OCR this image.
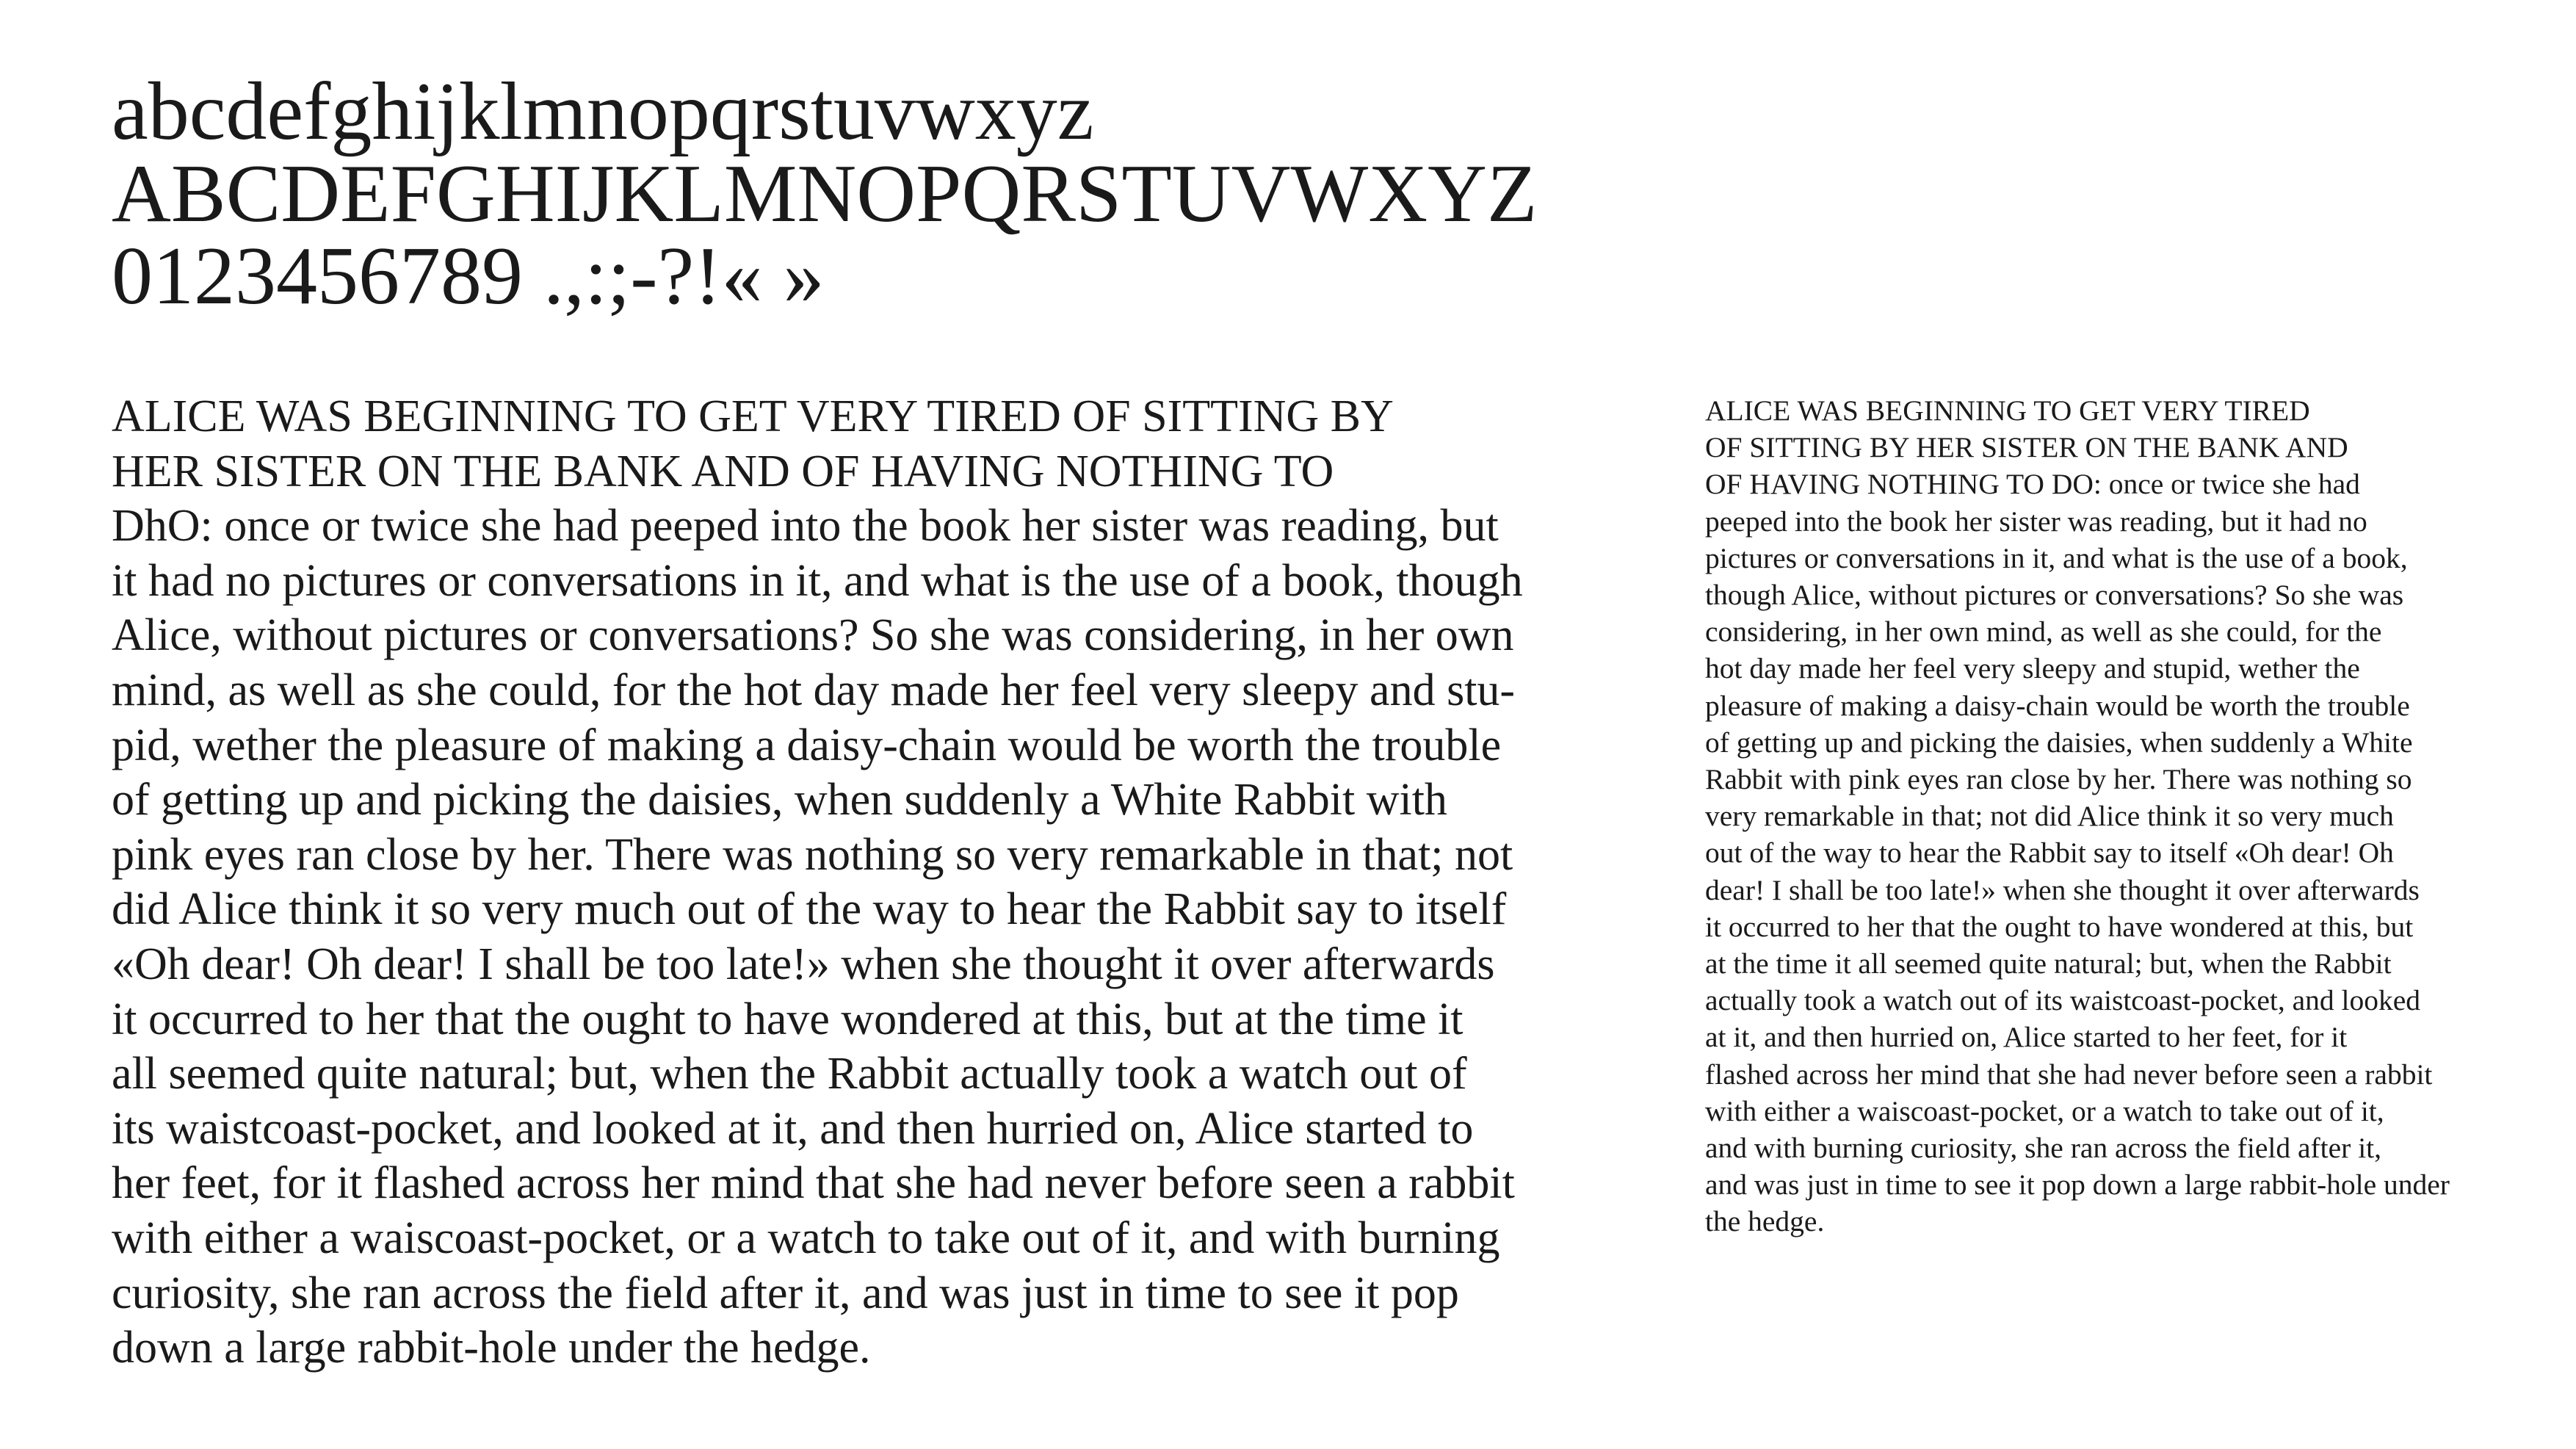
abcdefghijklmnopqrstuvwxyz
ABCDEFGHIJKLMNOPQRSTUVWXYZ
0123456789 .,:;-?!« »
ALICE WAS BEGINNING TO GET VERY TIRED OF SITTING BY
HER SISTER ON THE BANK AND OF HAVING NOTHING TO
DhO: once or twice she had peeped into the book her sister was reading, but
it had no pictures or conversations in it, and what is the use of a book, though
Alice, without pictures or conversations? So she was considering, in her own
mind, as well as she could, for the hot day made her feel very sleepy and stu-
pid, wether the pleasure of making a daisy-chain would be worth the trouble
of getting up and picking the daisies, when suddenly a White Rabbit with
pink eyes ran close by her. There was nothing so very remarkable in that; not
did Alice think it so very much out of the way to hear the Rabbit say to itself
«Oh dear! Oh dear! I shall be too late!» when she thought it over afterwards
it occurred to her that the ought to have wondered at this, but at the time it
all seemed quite natural; but, when the Rabbit actually took a watch out of
its waistcoast-pocket, and looked at it, and then hurried on, Alice started to
her feet, for it flashed across her mind that she had never before seen a rabbit
with either a waiscoast-pocket, or a watch to take out of it, and with burning
curiosity, she ran across the field after it, and was just in time to see it pop
down a large rabbit-hole under the hedge.
ALICE WAS BEGINNING TO GET VERY TIRED
OF SITTING BY HER SISTER ON THE BANK AND
OF HAVING NOTHING TO DO: once or twice she had
peeped into the book her sister was reading, but it had no
pictures or conversations in it, and what is the use of a book,
though Alice, without pictures or conversations? So she was
considering, in her own mind, as well as she could, for the
hot day made her feel very sleepy and stupid, wether the
pleasure of making a daisy-chain would be worth the trouble
of getting up and picking the daisies, when suddenly a White
Rabbit with pink eyes ran close by her. There was nothing so
very remarkable in that; not did Alice think it so very much
out of the way to hear the Rabbit say to itself «Oh dear! Oh
dear! I shall be too late!» when she thought it over afterwards
it occurred to her that the ought to have wondered at this, but
at the time it all seemed quite natural; but, when the Rabbit
actually took a watch out of its waistcoast-pocket, and looked
at it, and then hurried on, Alice started to her feet, for it
flashed across her mind that she had never before seen a rabbit
with either a waiscoast-pocket, or a watch to take out of it,
and with burning curiosity, she ran across the field after it,
and was just in time to see it pop down a large rabbit-hole under
the hedge.
